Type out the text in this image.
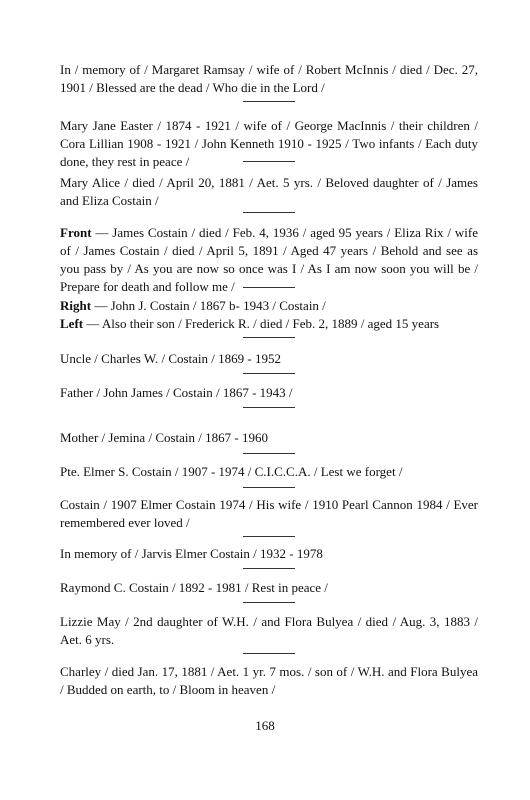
In / memory of / Margaret Ramsay / wife of / Robert McInnis / died / Dec. 27, 1901 / Blessed are the dead / Who die in the Lord /
Mary Jane Easter / 1874 - 1921 / wife of / George MacInnis / their children / Cora Lillian 1908 - 1921 / John Kenneth 1910 - 1925 / Two infants / Each duty done, they rest in peace /
Mary Alice / died / April 20, 1881 / Aet. 5 yrs. / Beloved daughter of / James and Eliza Costain /
Front — James Costain / died / Feb. 4, 1936 / aged 95 years / Eliza Rix / wife of / James Costain / died / April 5, 1891 / Aged 47 years / Behold and see as you pass by / As you are now so once was I / As I am now soon you will be / Prepare for death and follow me /
Right — John J. Costain / 1867 b- 1943 / Costain /
Left — Also their son / Frederick R. / died / Feb. 2, 1889 / aged 15 years
Uncle / Charles W. / Costain / 1869 - 1952
Father / John James / Costain / 1867 - 1943 /
Mother / Jemina / Costain / 1867 - 1960
Pte. Elmer S. Costain / 1907 - 1974 / C.I.C.C.A. / Lest we forget /
Costain / 1907 Elmer Costain 1974 / His wife / 1910 Pearl Cannon 1984 / Ever remembered ever loved /
In memory of / Jarvis Elmer Costain / 1932 - 1978
Raymond C. Costain / 1892 - 1981 / Rest in peace /
Lizzie May / 2nd daughter of W.H. / and Flora Bulyea / died / Aug. 3, 1883 / Aet. 6 yrs.
Charley / died Jan. 17, 1881 / Aet. 1 yr. 7 mos. / son of / W.H. and Flora Bulyea / Budded on earth, to / Bloom in heaven /
168
